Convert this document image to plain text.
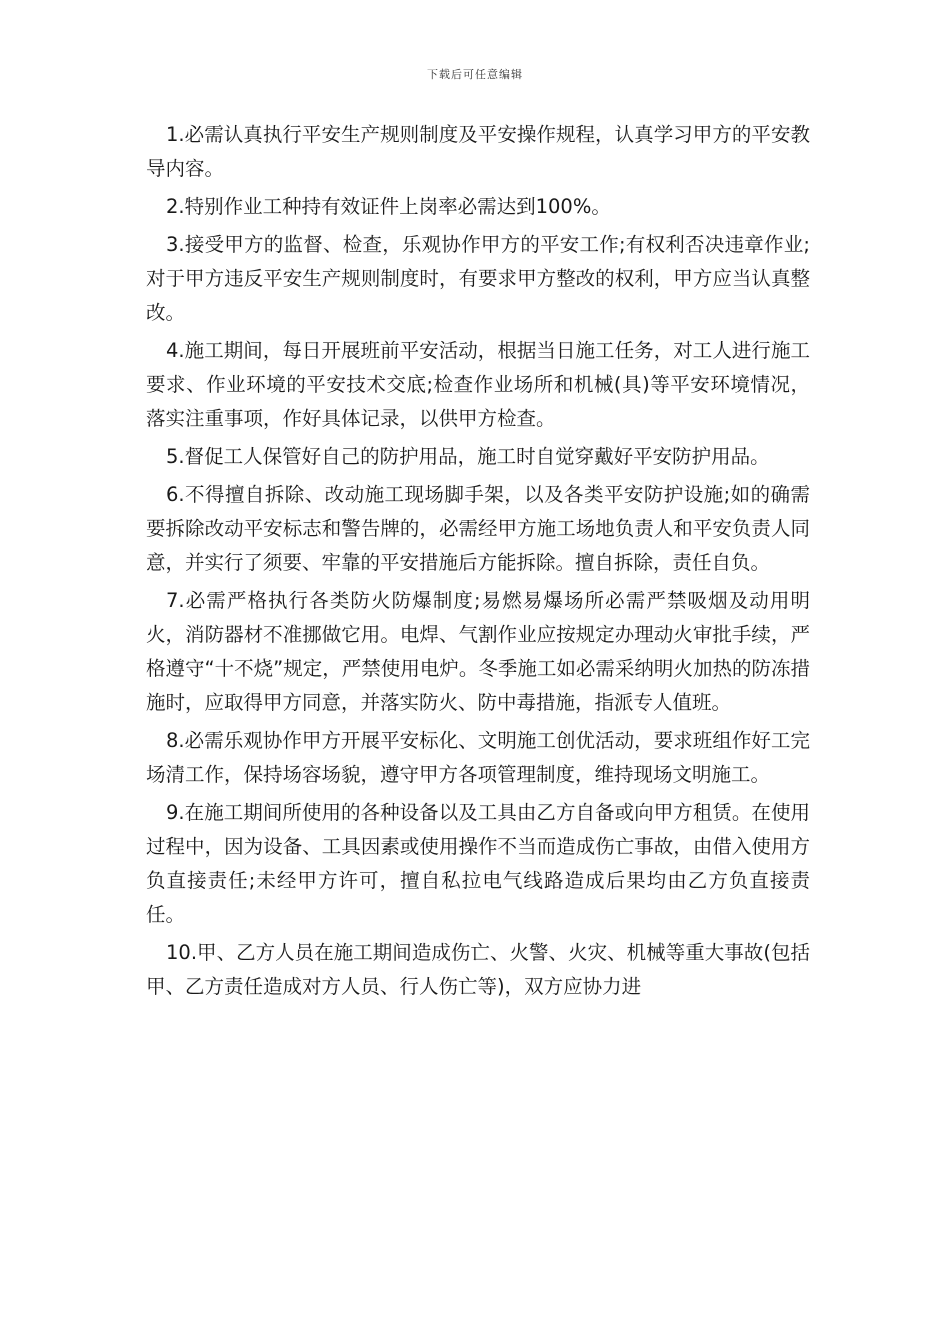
下载后可任意编辑

1.必需认真执行平安生产规则制度及平安操作规程，认真学习甲方的平安教导内容。

2.特别作业工种持有效证件上岗率必需达到100%。

3.接受甲方的监督、检查，乐观协作甲方的平安工作;有权利否决违章作业;对于甲方违反平安生产规则制度时，有要求甲方整改的权利，甲方应当认真整改。

4.施工期间，每日开展班前平安活动，根据当日施工任务，对工人进行施工要求、作业环境的平安技术交底;检查作业场所和机械(具)等平安环境情况，落实注重事项，作好具体记录，以供甲方检查。

5.督促工人保管好自己的防护用品，施工时自觉穿戴好平安防护用品。

6.不得擅自拆除、改动施工现场脚手架，以及各类平安防护设施;如的确需要拆除改动平安标志和警告牌的，必需经甲方施工场地负责人和平安负责人同意，并实行了须要、牢靠的平安措施后方能拆除。擅自拆除，责任自负。

7.必需严格执行各类防火防爆制度;易燃易爆场所必需严禁吸烟及动用明火，消防器材不准挪做它用。电焊、气割作业应按规定办理动火审批手续，严格遵守“十不烧”规定，严禁使用电炉。冬季施工如必需采纳明火加热的防冻措施时，应取得甲方同意，并落实防火、防中毒措施，指派专人值班。

8.必需乐观协作甲方开展平安标化、文明施工创优活动，要求班组作好工完场清工作，保持场容场貌，遵守甲方各项管理制度，维持现场文明施工。

9.在施工期间所使用的各种设备以及工具由乙方自备或向甲方租赁。在使用过程中，因为设备、工具因素或使用操作不当而造成伤亡事故，由借入使用方负直接责任;未经甲方许可，擅自私拉电气线路造成后果均由乙方负直接责任。

10.甲、乙方人员在施工期间造成伤亡、火警、火灾、机械等重大事故(包括甲、乙方责任造成对方人员、行人伤亡等)，双方应协力进
